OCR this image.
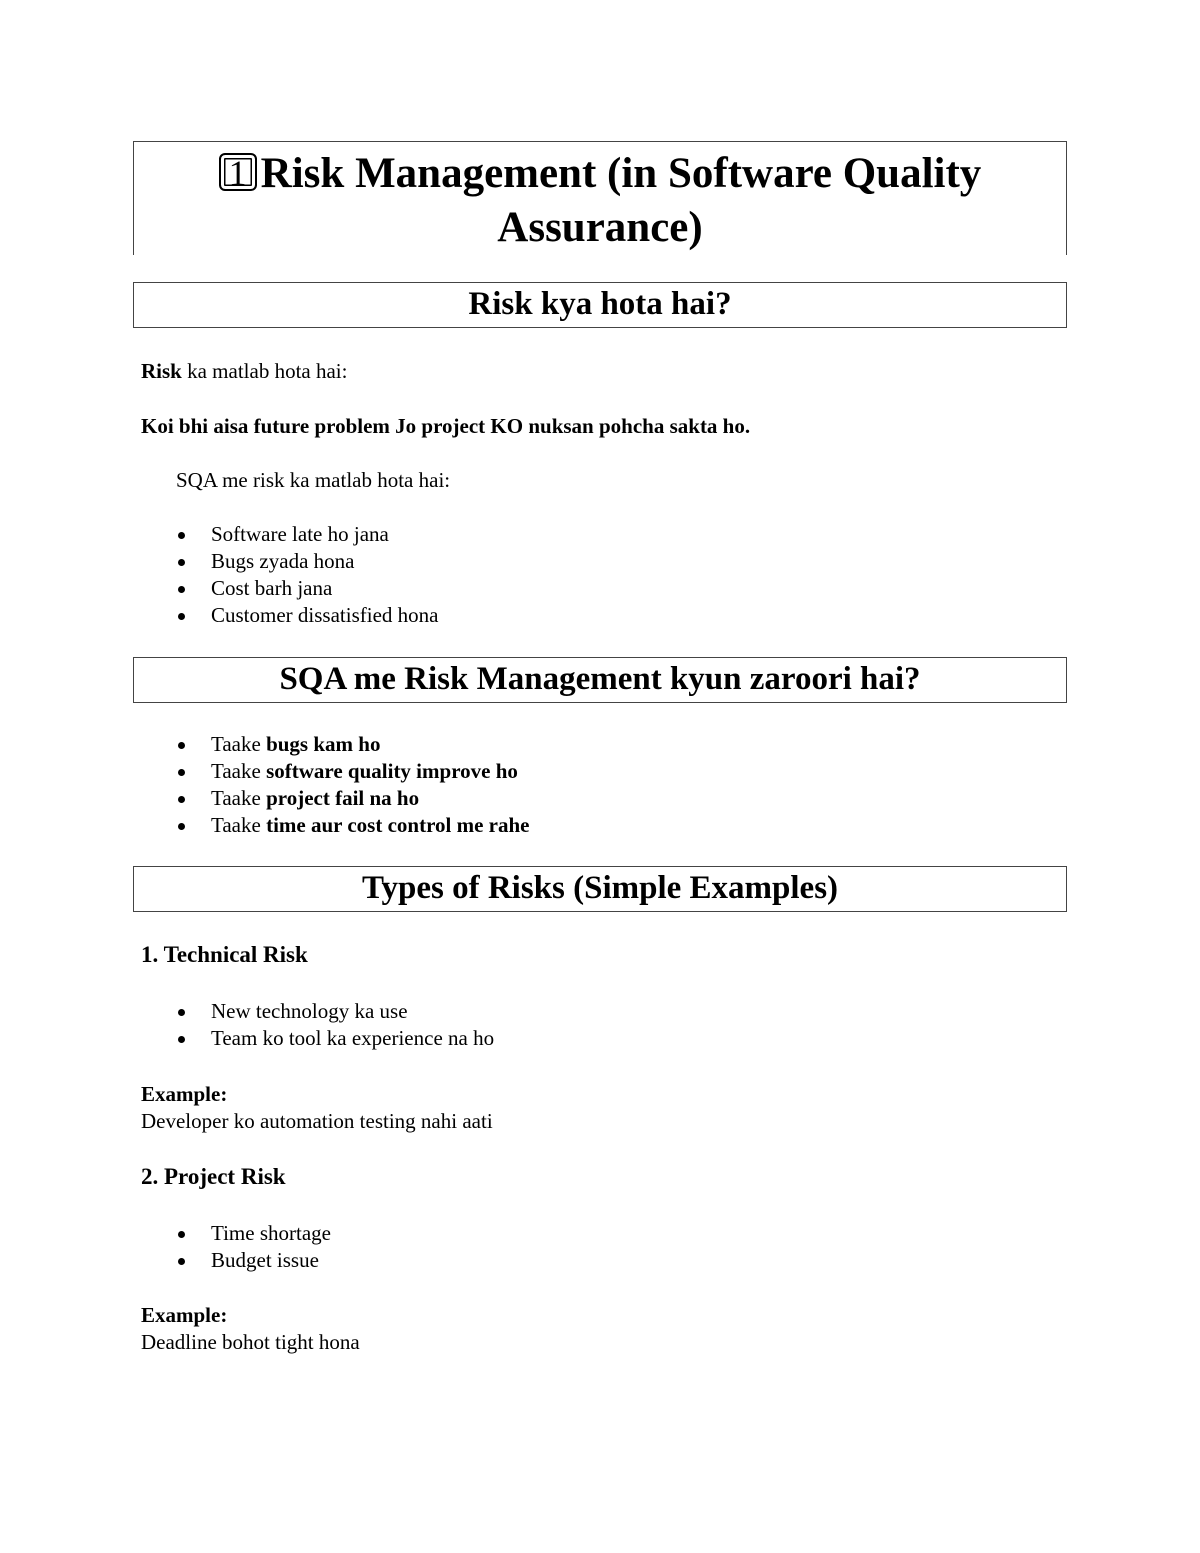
1 Risk Management (in Software Quality
Assurance)
Risk kya hota hai?
Risk ka matlab hota hai:
Koi bhi aisa future problem Jo project KO nuksan pohcha sakta ho.
SQA me risk ka matlab hota hai:
Software late ho jana
Bugs zyada hona
Cost barh jana
Customer dissatisfied hona
SQA me Risk Management kyun zaroori hai?
Taake bugs kam ho
Taake software quality improve ho
Taake project fail na ho
Taake time aur cost control me rahe
Types of Risks (Simple Examples)
1. Technical Risk
New technology ka use
Team ko tool ka experience na ho
Example:
Developer ko automation testing nahi aati
2. Project Risk
Time shortage
Budget issue
Example:
Deadline bohot tight hona
